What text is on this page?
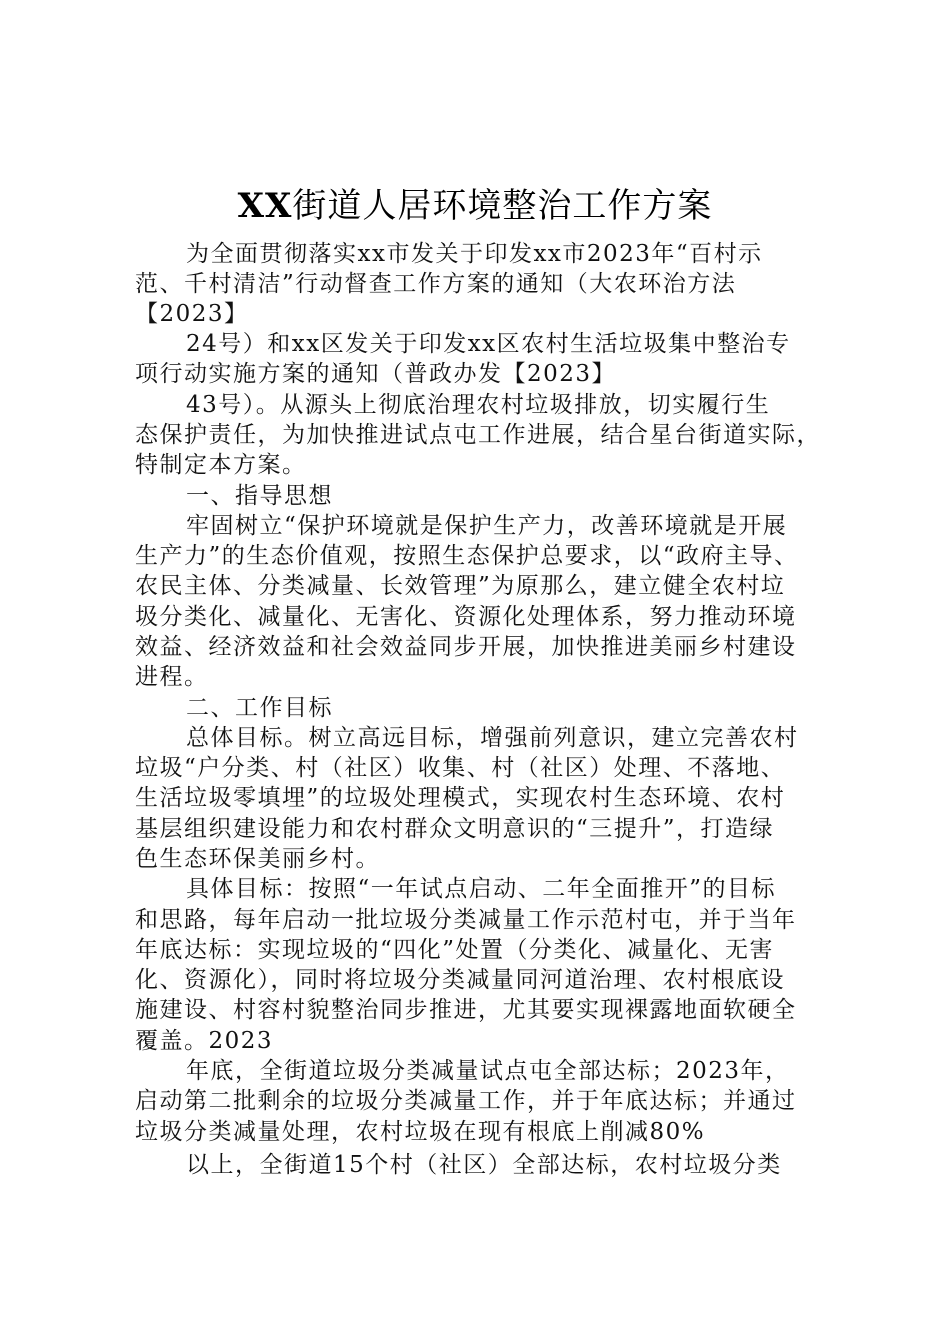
XX街道人居环境整治工作方案
为全面贯彻落实xx市发关于印发xx市2023年“百村示
范、千村清洁”行动督查工作方案的通知（大农环治方法
【2023】
24号）和xx区发关于印发xx区农村生活垃圾集中整治专
项行动实施方案的通知（普政办发【2023】
43号）。从源头上彻底治理农村垃圾排放，切实履行生
态保护责任，为加快推进试点屯工作进展，结合星台街道实际，
特制定本方案。
一、指导思想
牢固树立“保护环境就是保护生产力，改善环境就是开展
生产力”的生态价值观，按照生态保护总要求，以“政府主导、
农民主体、分类减量、长效管理”为原那么，建立健全农村垃
圾分类化、减量化、无害化、资源化处理体系，努力推动环境
效益、经济效益和社会效益同步开展，加快推进美丽乡村建设
进程。
二、工作目标
总体目标。树立高远目标，增强前列意识，建立完善农村
垃圾“户分类、村（社区）收集、村（社区）处理、不落地、
生活垃圾零填埋”的垃圾处理模式，实现农村生态环境、农村
基层组织建设能力和农村群众文明意识的“三提升”，打造绿
色生态环保美丽乡村。
具体目标：按照“一年试点启动、二年全面推开”的目标
和思路，每年启动一批垃圾分类减量工作示范村屯，并于当年
年底达标：实现垃圾的“四化”处置（分类化、减量化、无害
化、资源化），同时将垃圾分类减量同河道治理、农村根底设
施建设、村容村貌整治同步推进，尤其要实现裸露地面软硬全
覆盖。2023
年底，全街道垃圾分类减量试点屯全部达标；2023年，
启动第二批剩余的垃圾分类减量工作，并于年底达标；并通过
垃圾分类减量处理，农村垃圾在现有根底上削减80%
以上，全街道15个村（社区）全部达标，农村垃圾分类
